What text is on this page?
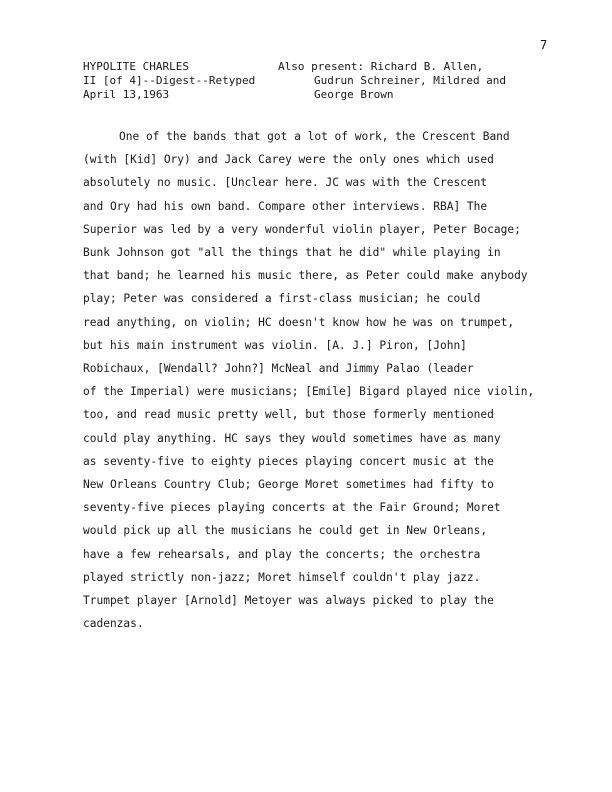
7
HYPOLITE CHARLES
II [of 4]--Digest--Retyped
April 13,1963
Also present: Richard B. Allen,
Gudrun Schreiner, Mildred and
George Brown
One of the bands that got a lot of work, the Crescent Band
(with [Kid] Ory) and Jack Carey were the only ones which used
absolutely no music. [Unclear here. JC was with the Crescent
and Ory had his own band. Compare other interviews. RBA] The
Superior was led by a very wonderful violin player, Peter Bocage;
Bunk Johnson got "all the things that he did" while playing in
that band; he learned his music there, as Peter could make anybody
play; Peter was considered a first-class musician; he could
read anything, on violin; HC doesn't know how he was on trumpet,
but his main instrument was violin. [A. J.] Piron, [John]
Robichaux, [Wendall? John?] McNeal and Jimmy Palao (leader
of the Imperial) were musicians; [Emile] Bigard played nice violin,
too, and read music pretty well, but those formerly mentioned
could play anything. HC says they would sometimes have as many
as seventy-five to eighty pieces playing concert music at the
New Orleans Country Club; George Moret sometimes had fifty to
seventy-five pieces playing concerts at the Fair Ground; Moret
would pick up all the musicians he could get in New Orleans,
have a few rehearsals, and play the concerts; the orchestra
played strictly non-jazz; Moret himself couldn't play jazz.
Trumpet player [Arnold] Metoyer was always picked to play the
cadenzas.
